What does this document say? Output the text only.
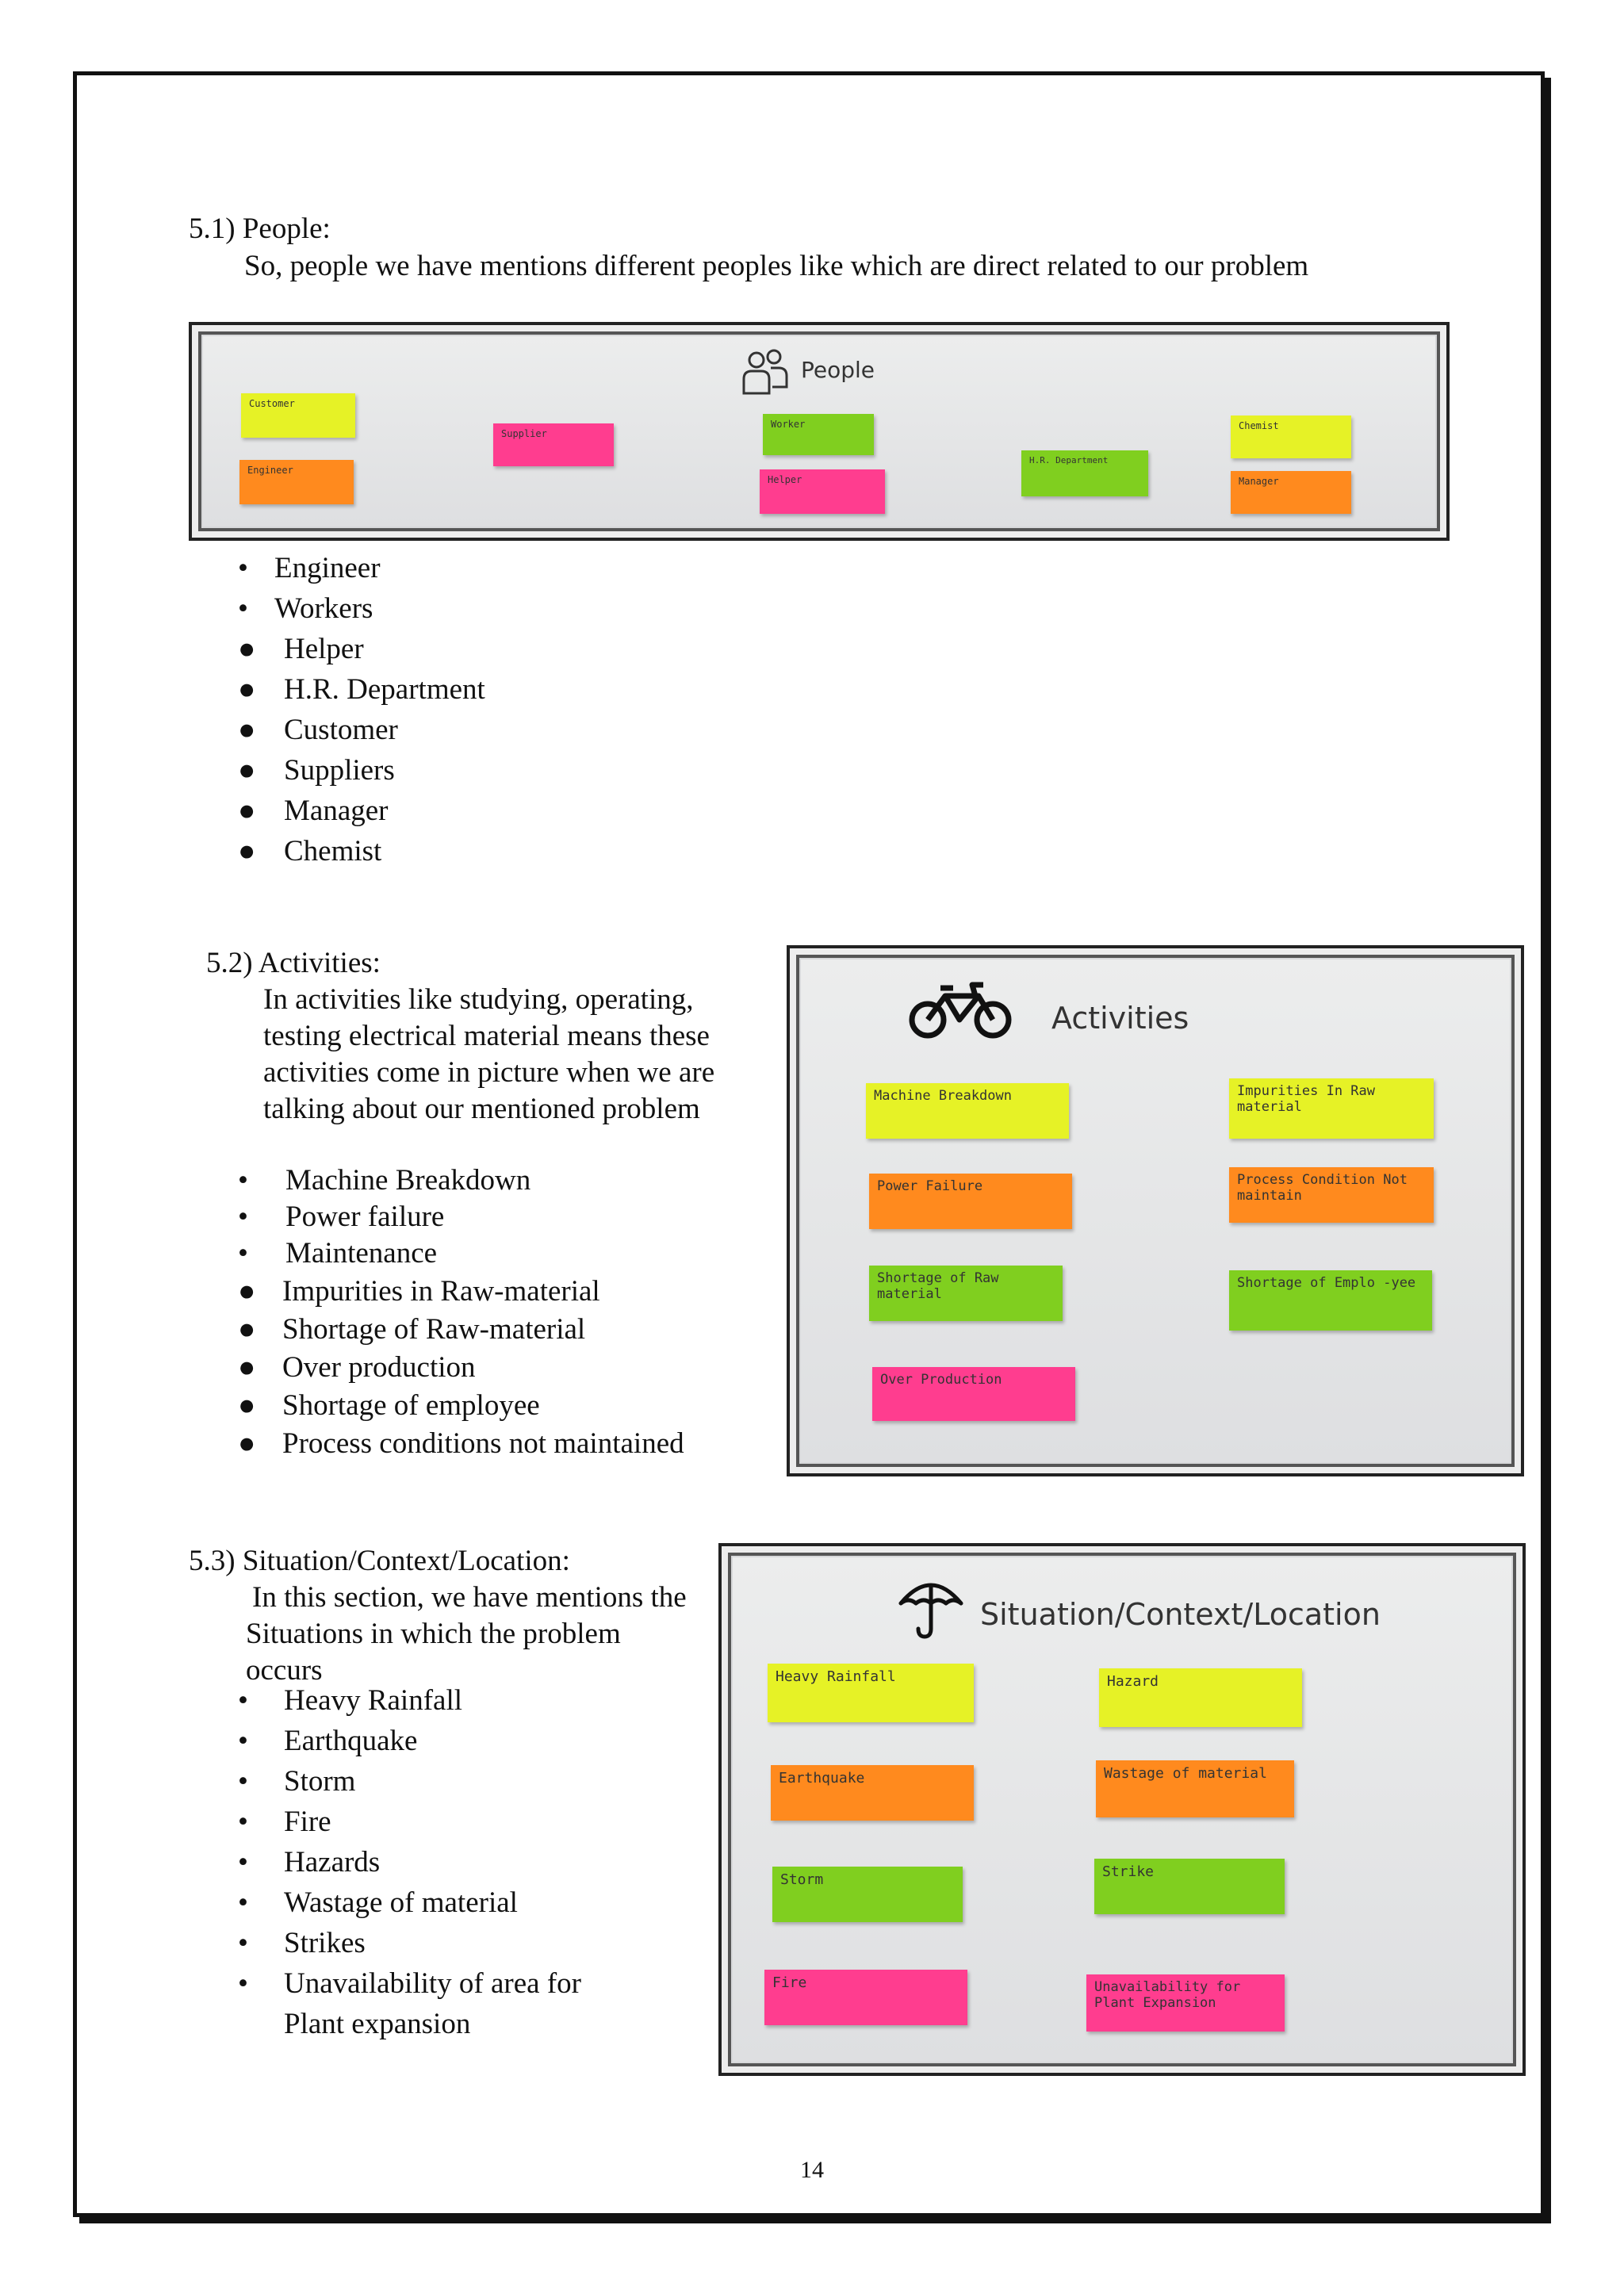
5.1) People:
So, people we have mentions different peoples like which are direct related to our problem
People
Customer
Engineer
Supplier
Worker
Helper
H.R. Department
Chemist
Manager
• Engineer
• Workers
● Helper
● H.R. Department
● Customer
● Suppliers
● Manager
● Chemist
5.2) Activities:
In activities like studying, operating,
testing electrical material means these
activities come in picture when we are
talking about our mentioned problem
Activities
Machine Breakdown	Impurities In Raw material
Power Failure	Process Condition Not maintain
Shortage of Raw material
Shortage of Emplo -yee
Over Production
• Machine Breakdown
• Power failure
• Maintenance
● Impurities in Raw-material
● Shortage of Raw-material
● Over production
● Shortage of employee
● Process conditions not maintained
5.3) Situation/Context/Location:
In this section, we have mentions the
Situations in which the problem
occurs
Situation/Context/Location
Heavy Rainfall	Hazard
Earthquake	Wastage of material
Storm	Strike
Fire	Unavailability for Plant Expansion
• Heavy Rainfall
• Earthquake
• Storm
• Fire
• Hazards
• Wastage of material
• Strikes
• Unavailability of area for
Plant expansion
14
